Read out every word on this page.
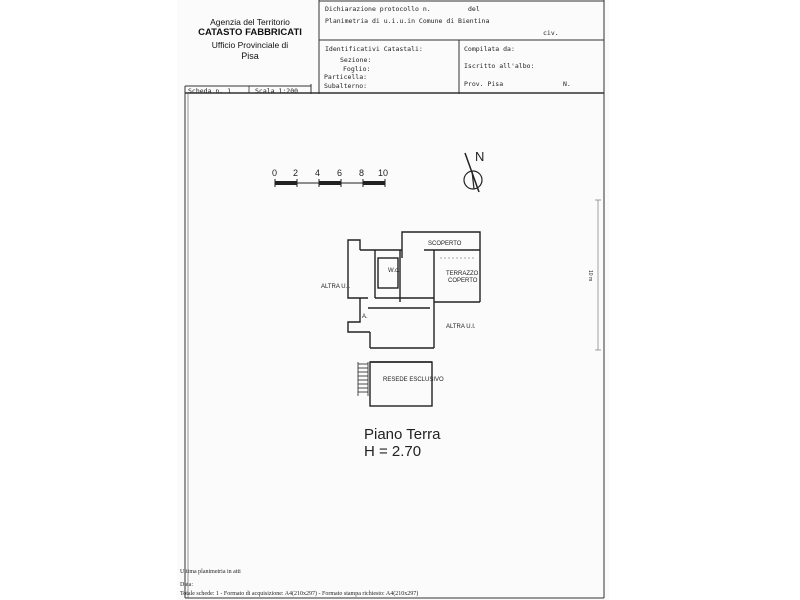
Agenzia del Territorio
CATASTO FABBRICATI
Ufficio Provinciale di
Pisa
Dichiarazione protocollo n.	del
Planimetria di u.i.u.in Comune di Bientina
civ.
Identificativi Catastali:
Sezione:
Foglio:
Particella:
Subalterno:
Compilata da:
Iscritto all'albo:
Prov. Pisa	N.
Scheda n. 1	Scala 1:200
0 2 4 6 8 10
N
SCOPERTO
W.c.	TERRAZZO
COPERTO
ALTRA U.I.
ALTRA U.I.
A.
RESEDE ESCLUSIVO
10 m
Piano Terra
H = 2.70
Ultima planimetria in atti
Data:
Totale schede: 1 - Formato di acquisizione: A4(210x297) - Formato stampa richiesto: A4(210x297)
